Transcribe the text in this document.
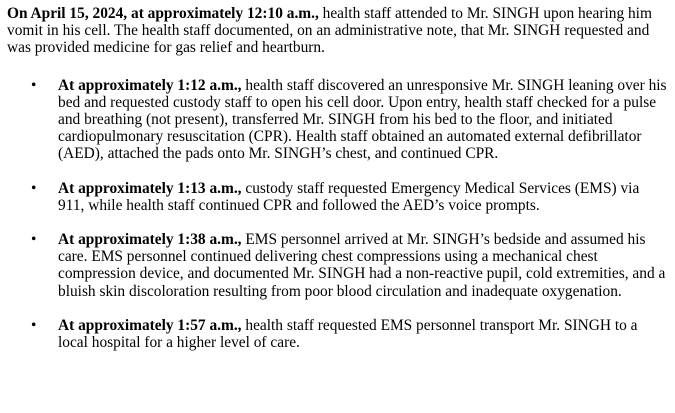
On April 15, 2024, at approximately 12:10 a.m., health staff attended to Mr. SINGH upon hearing him vomit in his cell. The health staff documented, on an administrative note, that Mr. SINGH requested and was provided medicine for gas relief and heartburn.

• At approximately 1:12 a.m., health staff discovered an unresponsive Mr. SINGH leaning over his bed and requested custody staff to open his cell door. Upon entry, health staff checked for a pulse and breathing (not present), transferred Mr. SINGH from his bed to the floor, and initiated cardiopulmonary resuscitation (CPR). Health staff obtained an automated external defibrillator (AED), attached the pads onto Mr. SINGH’s chest, and continued CPR.
• At approximately 1:13 a.m., custody staff requested Emergency Medical Services (EMS) via 911, while health staff continued CPR and followed the AED’s voice prompts.
• At approximately 1:38 a.m., EMS personnel arrived at Mr. SINGH’s bedside and assumed his care. EMS personnel continued delivering chest compressions using a mechanical chest compression device, and documented Mr. SINGH had a non-reactive pupil, cold extremities, and a bluish skin discoloration resulting from poor blood circulation and inadequate oxygenation.
• At approximately 1:57 a.m., health staff requested EMS personnel transport Mr. SINGH to a local hospital for a higher level of care.
